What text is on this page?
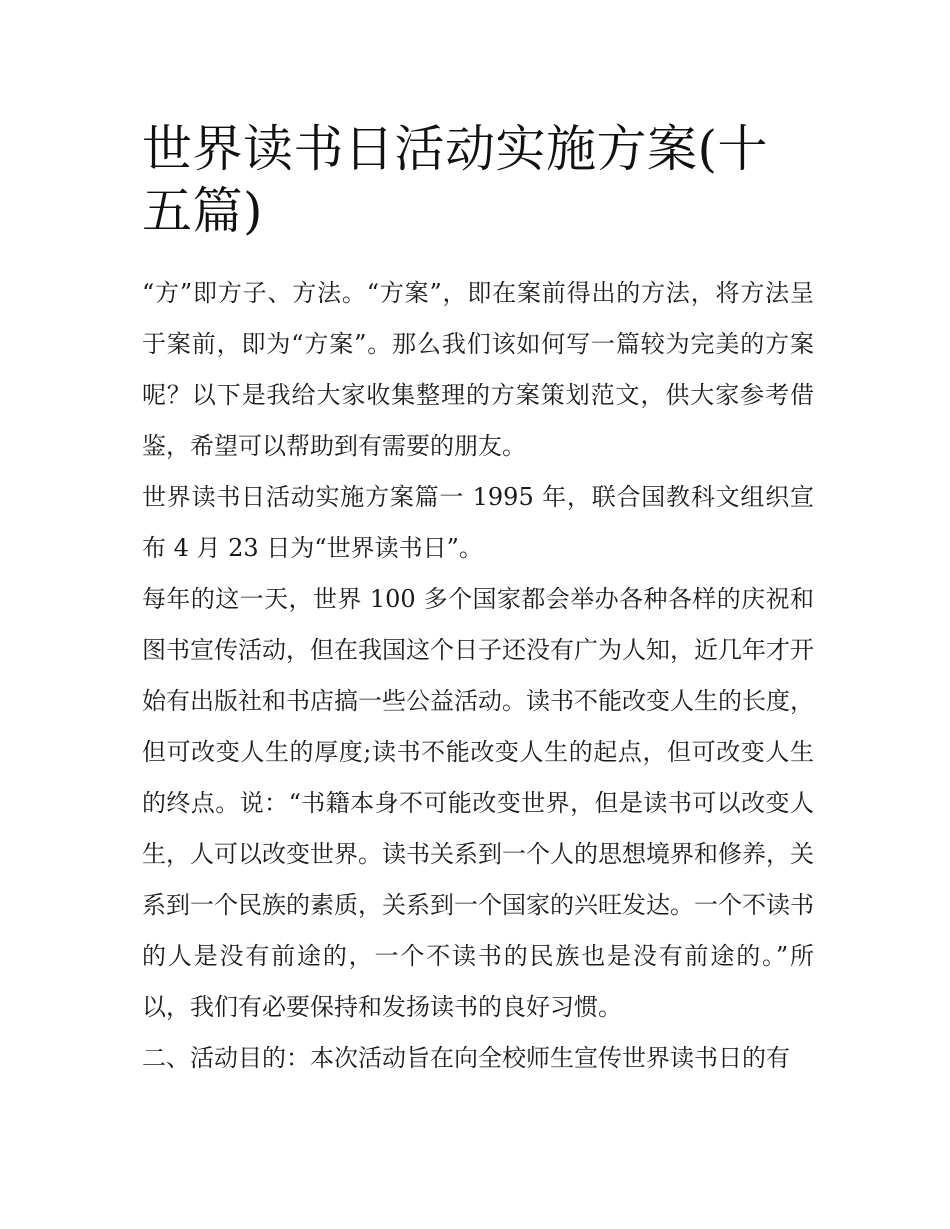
世界读书日活动实施方案(十五篇)

“方”即方子、方法。“方案”，即在案前得出的方法，将方法呈于案前，即为“方案”。那么我们该如何写一篇较为完美的方案呢？以下是我给大家收集整理的方案策划范文，供大家参考借鉴，希望可以帮助到有需要的朋友。

世界读书日活动实施方案篇一 1995 年，联合国教科文组织宣布 4 月 23 日为“世界读书日”。

每年的这一天，世界 100 多个国家都会举办各种各样的庆祝和图书宣传活动，但在我国这个日子还没有广为人知，近几年才开始有出版社和书店搞一些公益活动。读书不能改变人生的长度，但可改变人生的厚度;读书不能改变人生的起点，但可改变人生的终点。说：“书籍本身不可能改变世界，但是读书可以改变人生，人可以改变世界。读书关系到一个人的思想境界和修养，关系到一个民族的素质，关系到一个国家的兴旺发达。一个不读书的人是没有前途的，一个不读书的民族也是没有前途的。”所以，我们有必要保持和发扬读书的良好习惯。

二、活动目的：本次活动旨在向全校师生宣传世界读书日的有
